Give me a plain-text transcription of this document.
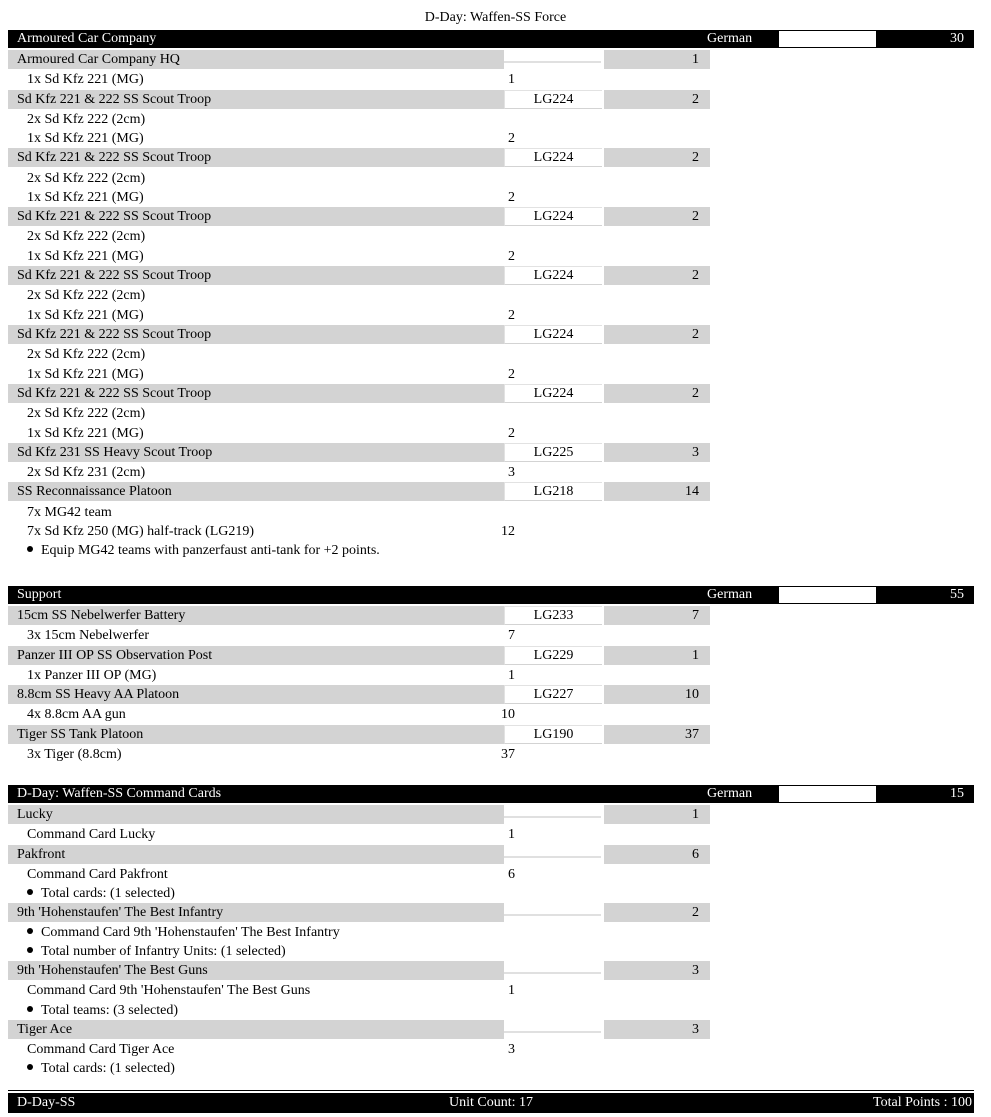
D-Day: Waffen-SS Force
Armoured Car Company	German	30
Armoured Car Company HQ	1
1x Sd Kfz 221 (MG)	1
Sd Kfz 221 & 222 SS Scout Troop	LG224	2
2x Sd Kfz 222 (2cm)
1x Sd Kfz 221 (MG)	2
Sd Kfz 221 & 222 SS Scout Troop	LG224	2
2x Sd Kfz 222 (2cm)
1x Sd Kfz 221 (MG)	2
Sd Kfz 221 & 222 SS Scout Troop	LG224	2
2x Sd Kfz 222 (2cm)
1x Sd Kfz 221 (MG)	2
Sd Kfz 221 & 222 SS Scout Troop	LG224	2
2x Sd Kfz 222 (2cm)
1x Sd Kfz 221 (MG)	2
Sd Kfz 221 & 222 SS Scout Troop	LG224	2
2x Sd Kfz 222 (2cm)
1x Sd Kfz 221 (MG)	2
Sd Kfz 221 & 222 SS Scout Troop	LG224	2
2x Sd Kfz 222 (2cm)
1x Sd Kfz 221 (MG)	2
Sd Kfz 231 SS Heavy Scout Troop	LG225	3
2x Sd Kfz 231 (2cm)	3
SS Reconnaissance Platoon	LG218	14
7x MG42 team
7x Sd Kfz 250 (MG) half-track (LG219)	12
Equip MG42 teams with panzerfaust anti-tank for +2 points.
Support	German	55
15cm SS Nebelwerfer Battery	LG233	7
3x 15cm Nebelwerfer	7
Panzer III OP SS Observation Post	LG229	1
1x Panzer III OP (MG)	1
8.8cm SS Heavy AA Platoon	LG227	10
4x 8.8cm AA gun	10
Tiger SS Tank Platoon	LG190	37
3x Tiger (8.8cm)	37
D-Day: Waffen-SS Command Cards	German	15
Lucky	1
Command Card Lucky	1
Pakfront	6
Command Card Pakfront	6
Total cards: (1 selected)
9th 'Hohenstaufen' The Best Infantry	2
Command Card 9th 'Hohenstaufen' The Best Infantry
Total number of Infantry Units: (1 selected)
9th 'Hohenstaufen' The Best Guns	3
Command Card 9th 'Hohenstaufen' The Best Guns	1
Total teams: (3 selected)
Tiger Ace	3
Command Card Tiger Ace	3
Total cards: (1 selected)
D-Day-SS	Unit Count: 17	Total Points : 100
